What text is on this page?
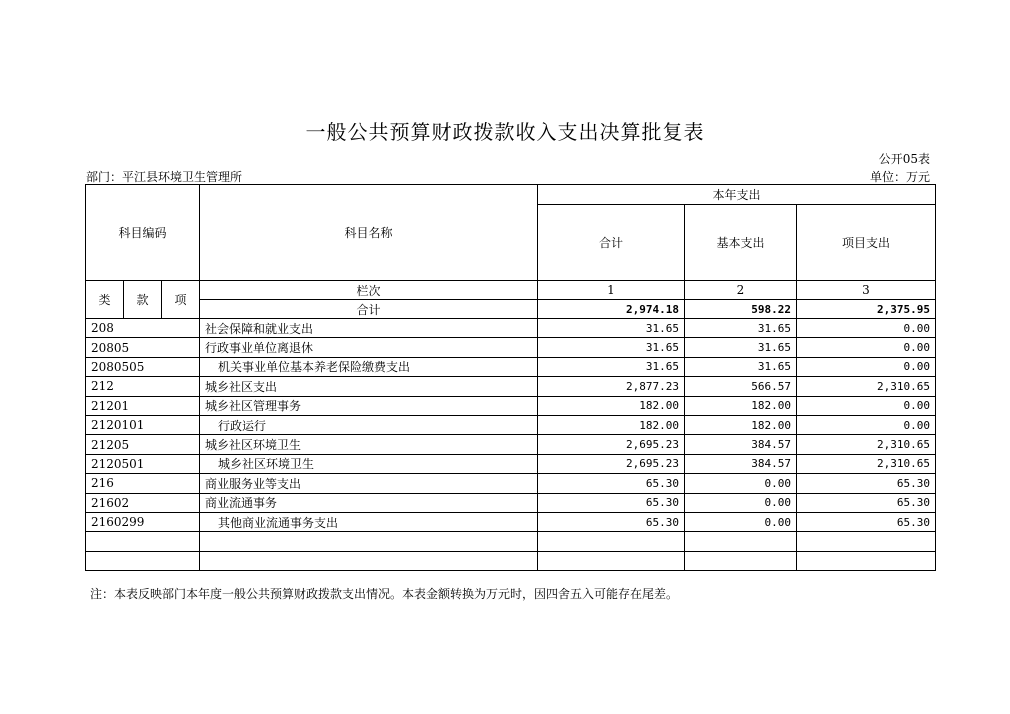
一般公共预算财政拨款收入支出决算批复表
公开05表
部门：平江县环境卫生管理所	单位：万元
科目编码			科目名称	本年支出		
				合计	基本支出	项目支出

类	款	项	栏次	1	2	3
			合计	2,974.18	598.22	2,375.95
208			社会保障和就业支出	31.65	31.65	0.00
20805			行政事业单位离退休	31.65	31.65	0.00
2080505			机关事业单位基本养老保险缴费支出	31.65	31.65	0.00
212			城乡社区支出	2,877.23	566.57	2,310.65
21201			城乡社区管理事务	182.00	182.00	0.00
2120101			行政运行	182.00	182.00	0.00
21205			城乡社区环境卫生	2,695.23	384.57	2,310.65
2120501			城乡社区环境卫生	2,695.23	384.57	2,310.65
216			商业服务业等支出	65.30	0.00	65.30
21602			商业流通事务	65.30	0.00	65.30
2160299			其他商业流通事务支出	65.30	0.00	65.30

注：本表反映部门本年度一般公共预算财政拨款支出情况。本表金额转换为万元时，因四舍五入可能存在尾差。
